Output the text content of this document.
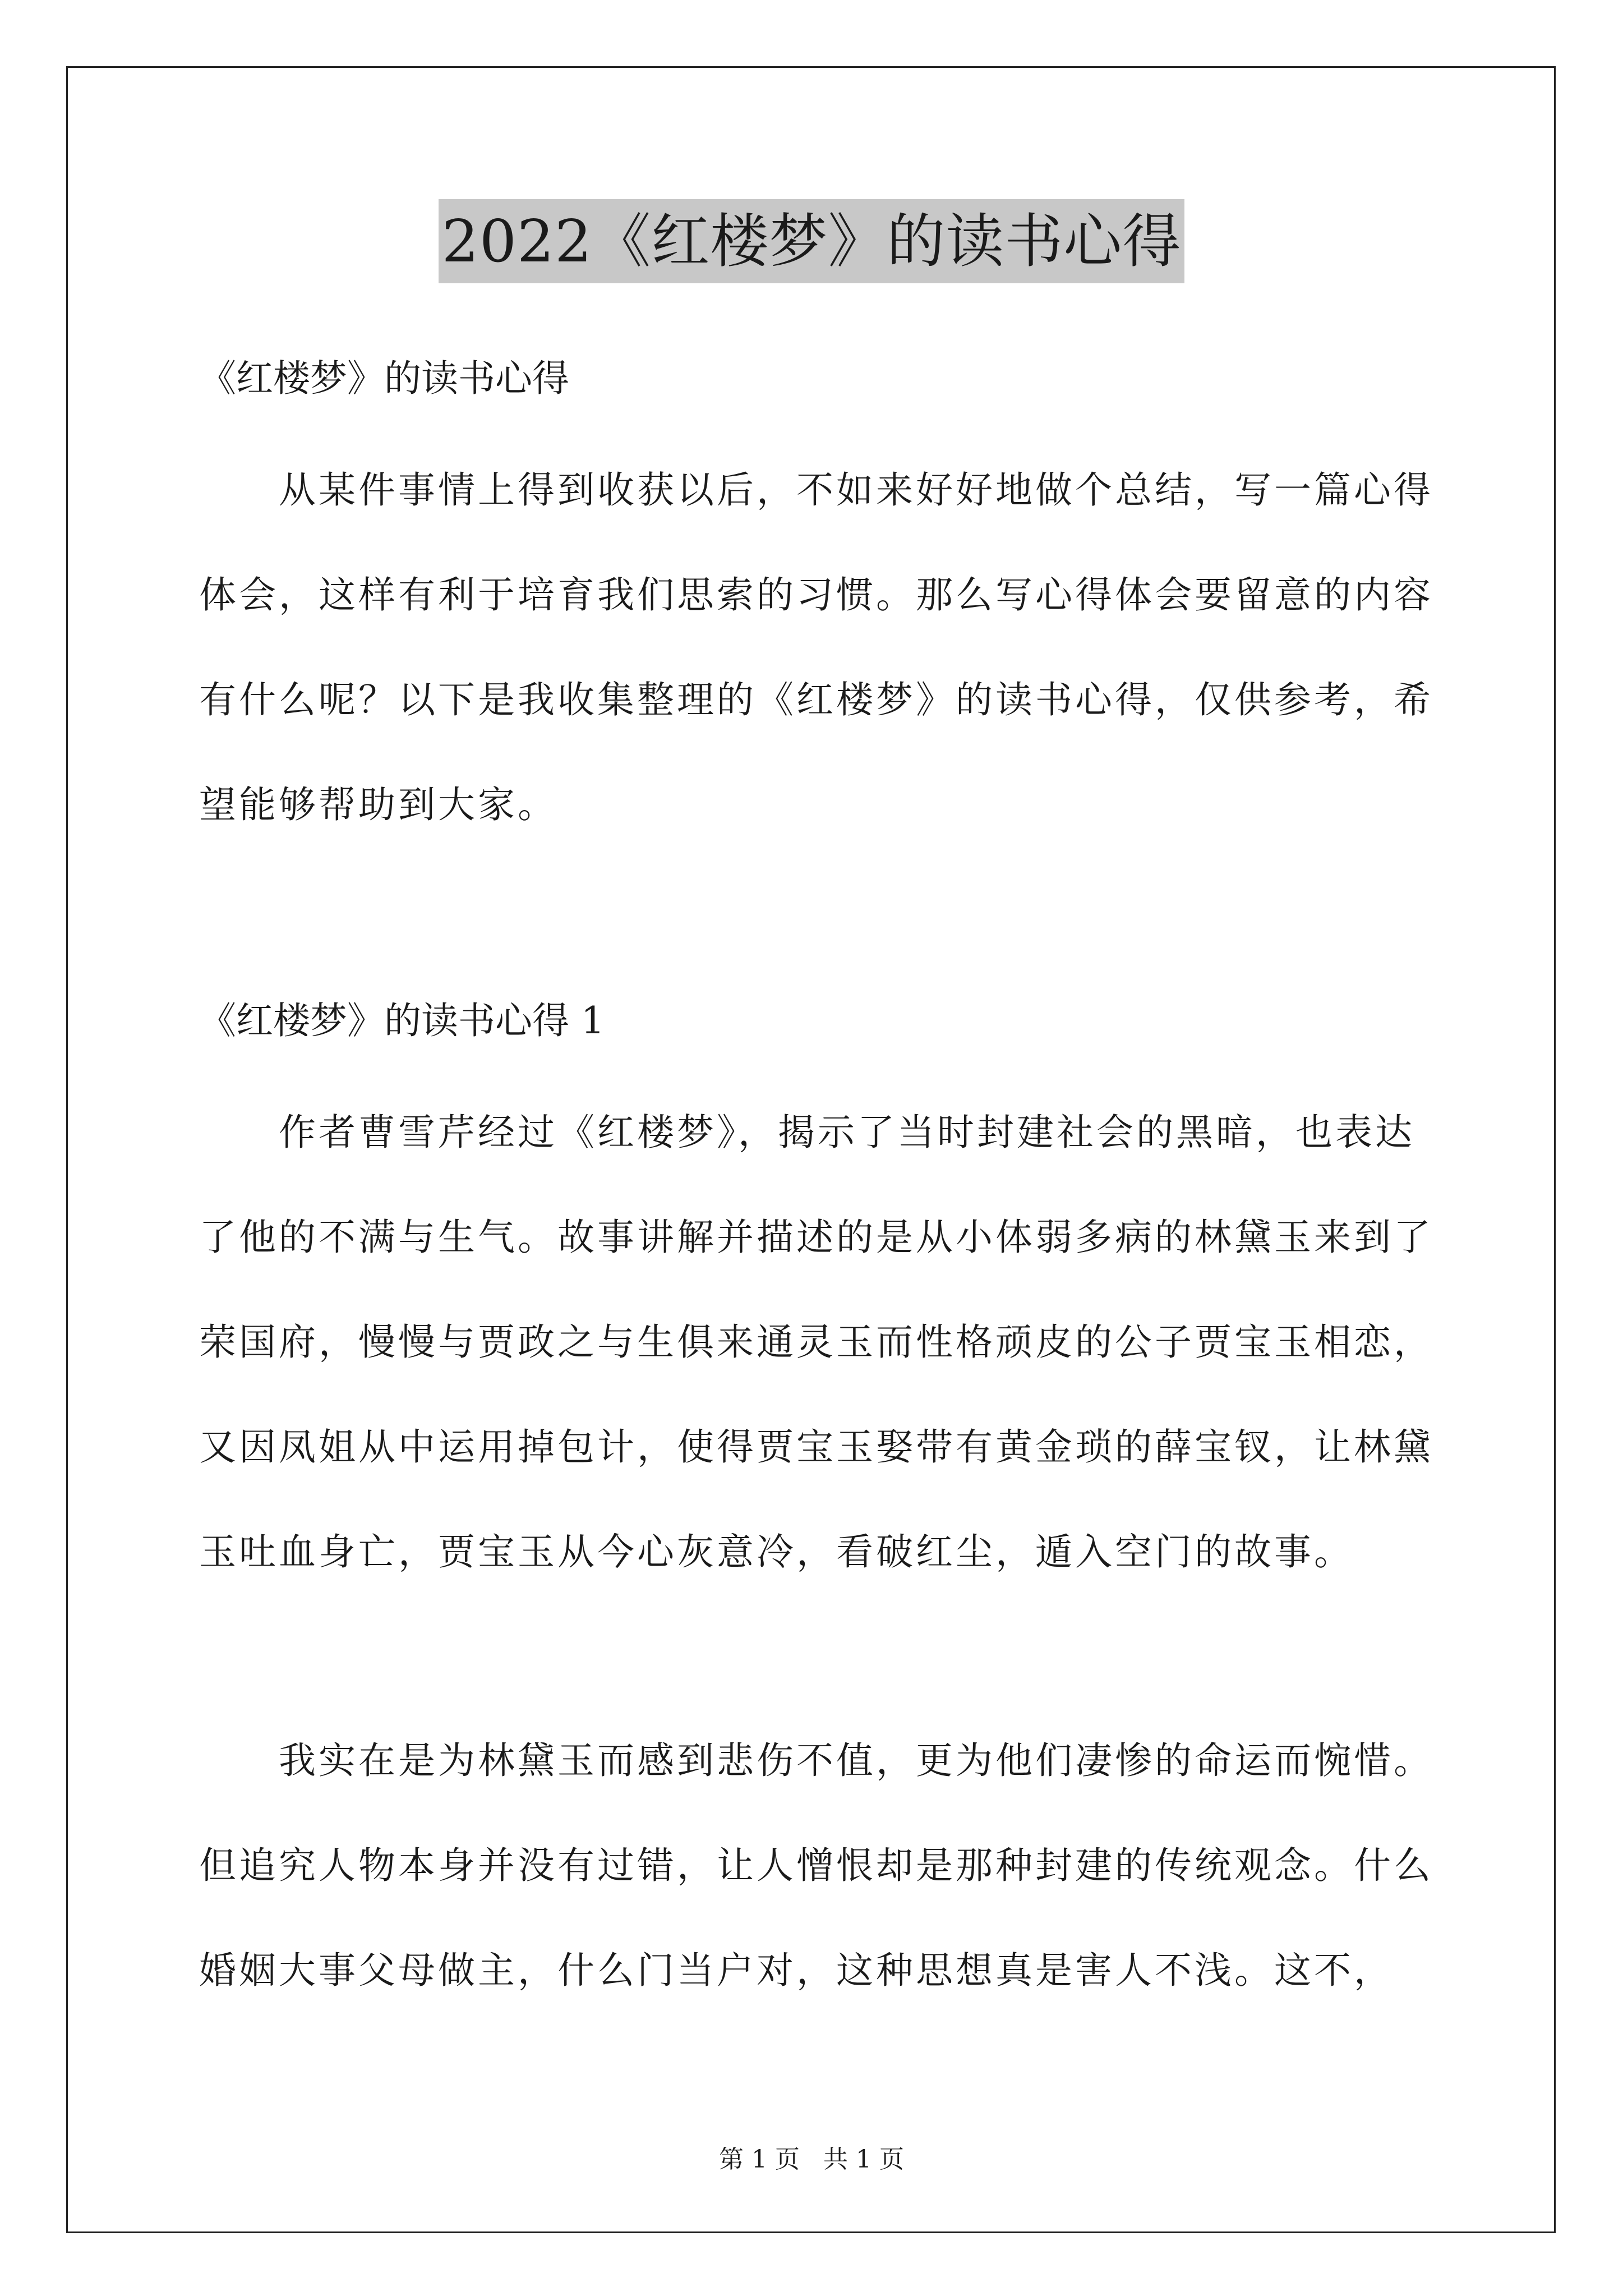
2022《红楼梦》的读书心得
《红楼梦》的读书心得

从某件事情上得到收获以后，不如来好好地做个总结，写一篇心得体会，这样有利于培育我们思索的习惯。那么写心得体会要留意的内容有什么呢？以下是我收集整理的《红楼梦》的读书心得，仅供参考，希望能够帮助到大家。

《红楼梦》的读书心得 1

作者曹雪芹经过《红楼梦》，揭示了当时封建社会的黑暗，也表达了他的不满与生气。故事讲解并描述的是从小体弱多病的林黛玉来到了荣国府，慢慢与贾政之与生俱来通灵玉而性格顽皮的公子贾宝玉相恋，又因凤姐从中运用掉包计，使得贾宝玉娶带有黄金琐的薛宝钗，让林黛玉吐血身亡，贾宝玉从今心灰意冷，看破红尘，遁入空门的故事。

我实在是为林黛玉而感到悲伤不值，更为他们凄惨的命运而惋惜。但追究人物本身并没有过错，让人憎恨却是那种封建的传统观念。什么婚姻大事父母做主，什么门当户对，这种思想真是害人不浅。这不，

第 1 页 共 1 页
